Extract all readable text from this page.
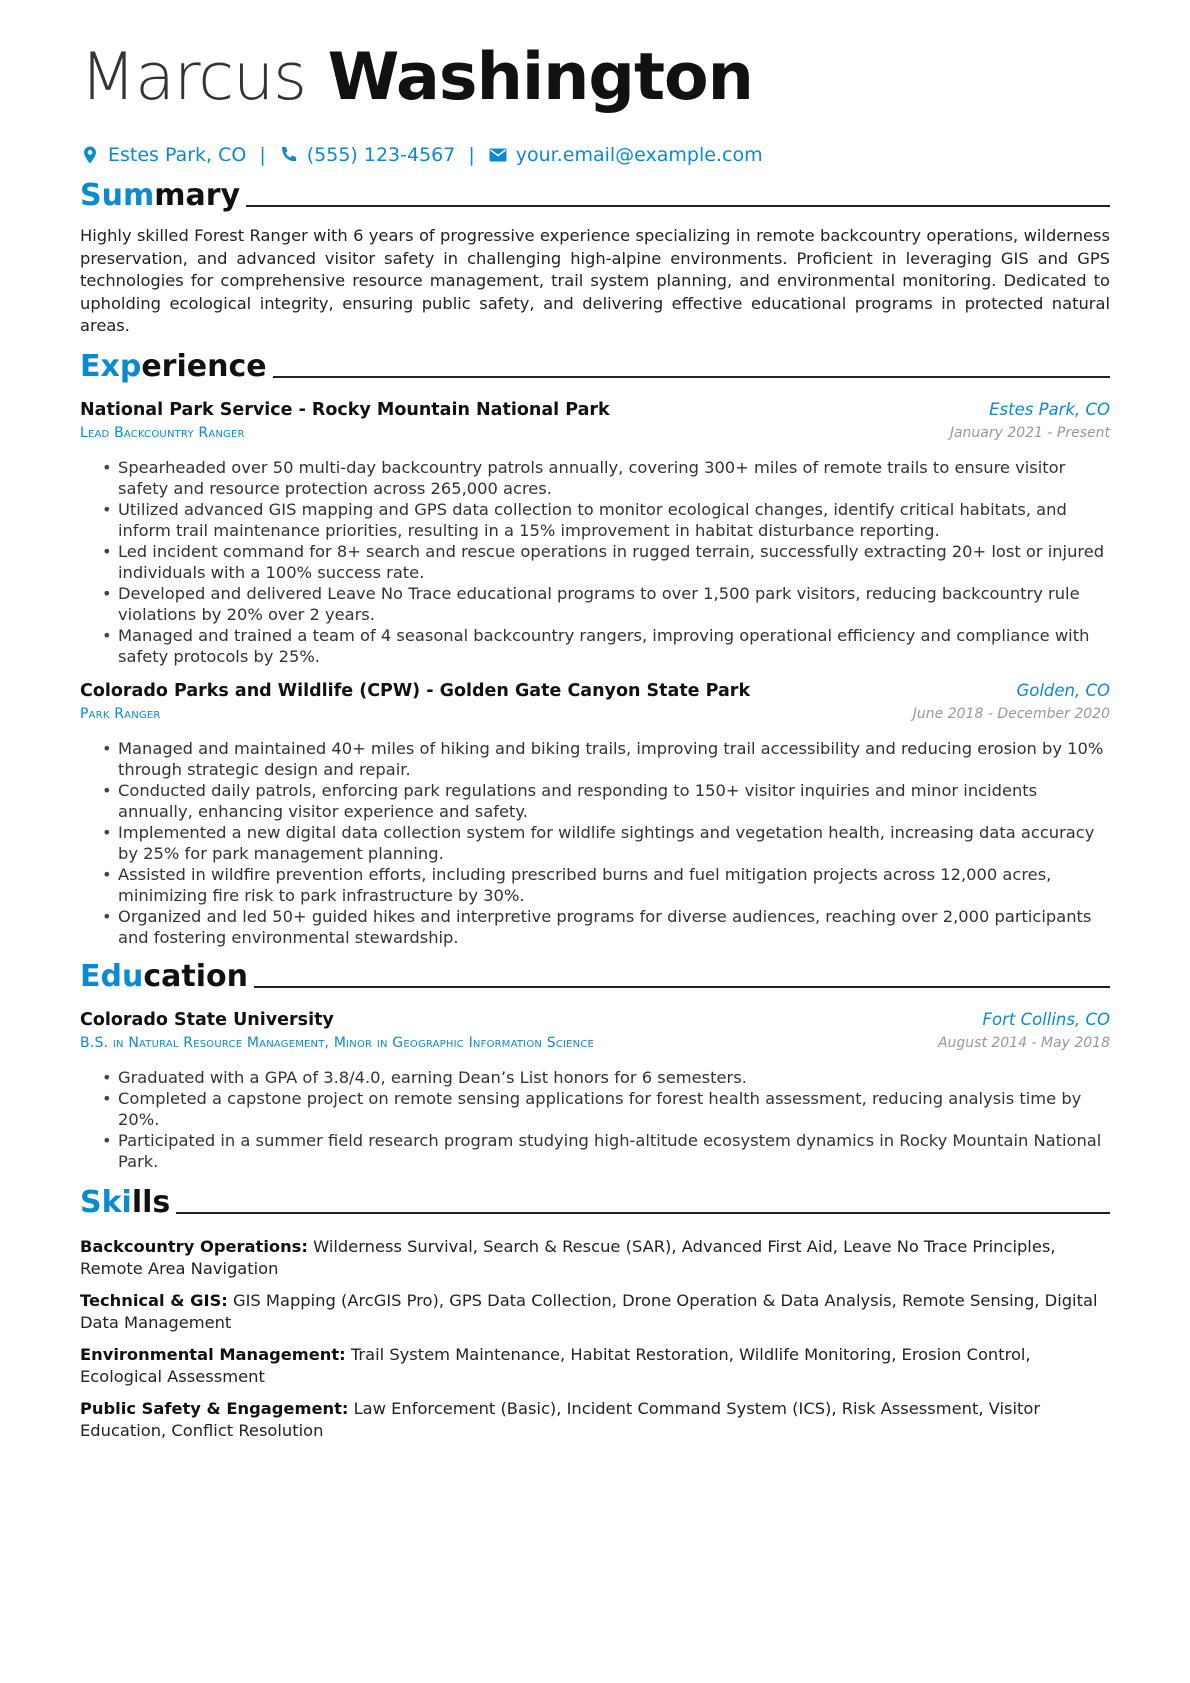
Marcus Washington
Estes Park, CO | (555) 123-4567 | your.email@example.com
Summary

Highly skilled Forest Ranger with 6 years of progressive experience specializing in remote backcountry operations, wilderness preservation, and advanced visitor safety in challenging high-alpine environments. Proficient in leveraging GIS and GPS technologies for comprehensive resource management, trail system planning, and environmental monitoring. Dedicated to upholding ecological integrity, ensuring public safety, and delivering effective educational programs in protected natural areas.

Experience
National Park Service - Rocky Mountain National Park	Estes Park, CO
Lead Backcountry Ranger	January 2021 - Present
• Spearheaded over 50 multi-day backcountry patrols annually, covering 300+ miles of remote trails to ensure visitor safety and resource protection across 265,000 acres.
• Utilized advanced GIS mapping and GPS data collection to monitor ecological changes, identify critical habitats, and inform trail maintenance priorities, resulting in a 15% improvement in habitat disturbance reporting.
• Led incident command for 8+ search and rescue operations in rugged terrain, successfully extracting 20+ lost or injured individuals with a 100% success rate.
• Developed and delivered Leave No Trace educational programs to over 1,500 park visitors, reducing backcountry rule violations by 20% over 2 years.
• Managed and trained a team of 4 seasonal backcountry rangers, improving operational efficiency and compliance with safety protocols by 25%.
Colorado Parks and Wildlife (CPW) - Golden Gate Canyon State Park	Golden, CO
Park Ranger	June 2018 - December 2020
• Managed and maintained 40+ miles of hiking and biking trails, improving trail accessibility and reducing erosion by 10% through strategic design and repair.
• Conducted daily patrols, enforcing park regulations and responding to 150+ visitor inquiries and minor incidents annually, enhancing visitor experience and safety.
• Implemented a new digital data collection system for wildlife sightings and vegetation health, increasing data accuracy by 25% for park management planning.
• Assisted in wildfire prevention efforts, including prescribed burns and fuel mitigation projects across 12,000 acres, minimizing fire risk to park infrastructure by 30%.
• Organized and led 50+ guided hikes and interpretive programs for diverse audiences, reaching over 2,000 participants and fostering environmental stewardship.
Education
Colorado State University	Fort Collins, CO
B.S. in Natural Resource Management, Minor in Geographic Information Science	August 2014 - May 2018
• Graduated with a GPA of 3.8/4.0, earning Dean’s List honors for 6 semesters.
• Completed a capstone project on remote sensing applications for forest health assessment, reducing analysis time by 20%.
• Participated in a summer field research program studying high-altitude ecosystem dynamics in Rocky Mountain National Park.
Skills

Backcountry Operations: Wilderness Survival, Search & Rescue (SAR), Advanced First Aid, Leave No Trace Principles, Remote Area Navigation

Technical & GIS: GIS Mapping (ArcGIS Pro), GPS Data Collection, Drone Operation & Data Analysis, Remote Sensing, Digital Data Management

Environmental Management: Trail System Maintenance, Habitat Restoration, Wildlife Monitoring, Erosion Control, Ecological Assessment

Public Safety & Engagement: Law Enforcement (Basic), Incident Command System (ICS), Risk Assessment, Visitor Education, Conflict Resolution
